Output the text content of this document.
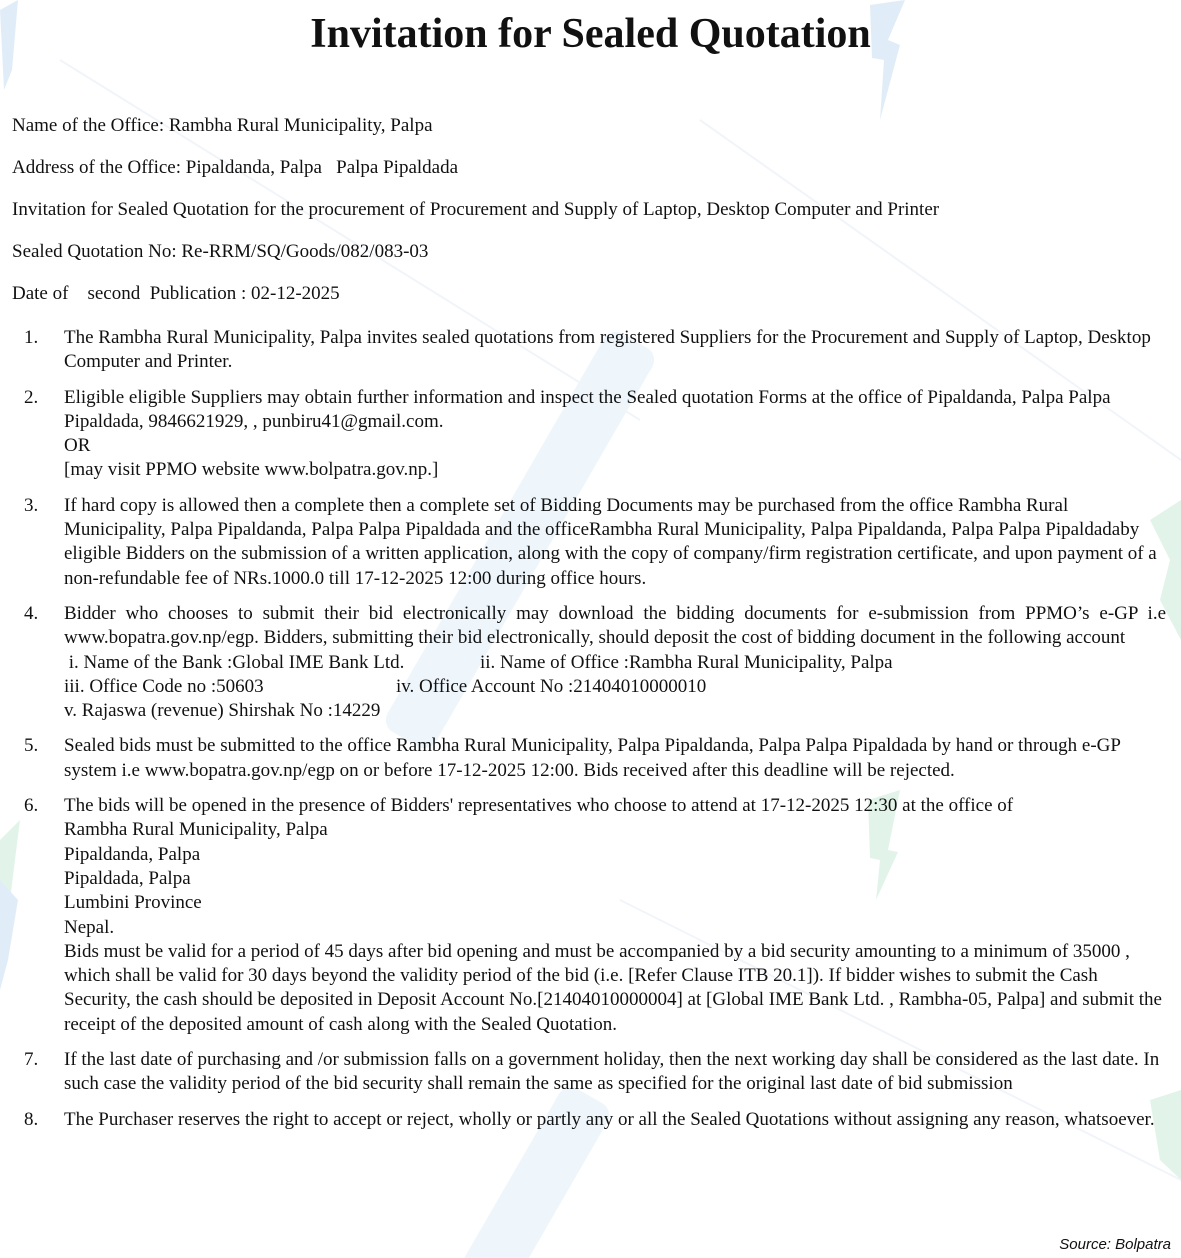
Invitation for Sealed Quotation
Name of the Office: Rambha Rural Municipality, Palpa
Address of the Office: Pipaldanda, Palpa   Palpa Pipaldada
Invitation for Sealed Quotation for the procurement of Procurement and Supply of Laptop, Desktop Computer and Printer
Sealed Quotation No: Re-RRM/SQ/Goods/082/083-03
Date of    second  Publication : 02-12-2025
1.	The Rambha Rural Municipality, Palpa invites sealed quotations from registered Suppliers for the Procurement and Supply of Laptop, Desktop Computer and Printer.
2.	Eligible eligible Suppliers may obtain further information and inspect the Sealed quotation Forms at the office of Pipaldanda, Palpa Palpa Pipaldada, 9846621929, , punbiru41@gmail.com.
OR
[may visit PPMO website www.bolpatra.gov.np.]
3.	If hard copy is allowed then a complete then a complete set of Bidding Documents may be purchased from the office Rambha Rural Municipality, Palpa Pipaldanda, Palpa Palpa Pipaldada and the officeRambha Rural Municipality, Palpa Pipaldanda, Palpa Palpa Pipaldadaby eligible Bidders on the submission of a written application, along with the copy of company/firm registration certificate, and upon payment of a non-refundable fee of NRs.1000.0 till 17-12-2025 12:00 during office hours.
4.	Bidder who chooses to submit their bid electronically may download the bidding documents for e-submission from PPMO’s e-GP i.e www.bopatra.gov.np/egp. Bidders, submitting their bid electronically, should deposit the cost of bidding document in the following account
i. Name of the Bank :Global IME Bank Ltd.	ii. Name of Office :Rambha Rural Municipality, Palpa
iii. Office Code no :50603	iv. Office Account No :21404010000010
v. Rajaswa (revenue) Shirshak No :14229
5.	Sealed bids must be submitted to the office Rambha Rural Municipality, Palpa Pipaldanda, Palpa Palpa Pipaldada by hand or through e-GP system i.e www.bopatra.gov.np/egp on or before 17-12-2025 12:00. Bids received after this deadline will be rejected.
6.	The bids will be opened in the presence of Bidders' representatives who choose to attend at 17-12-2025 12:30 at the office of
Rambha Rural Municipality, Palpa
Pipaldanda, Palpa
Pipaldada, Palpa
Lumbini Province
Nepal.
Bids must be valid for a period of 45 days after bid opening and must be accompanied by a bid security amounting to a minimum of 35000 , which shall be valid for 30 days beyond the validity period of the bid (i.e. [Refer Clause ITB 20.1]). If bidder wishes to submit the Cash Security, the cash should be deposited in Deposit Account No.[21404010000004] at [Global IME Bank Ltd. , Rambha-05, Palpa] and submit the receipt of the deposited amount of cash along with the Sealed Quotation.
7.	If the last date of purchasing and /or submission falls on a government holiday, then the next working day shall be considered as the last date. In such case the validity period of the bid security shall remain the same as specified for the original last date of bid submission
8.	The Purchaser reserves the right to accept or reject, wholly or partly any or all the Sealed Quotations without assigning any reason, whatsoever.
Source: Bolpatra
